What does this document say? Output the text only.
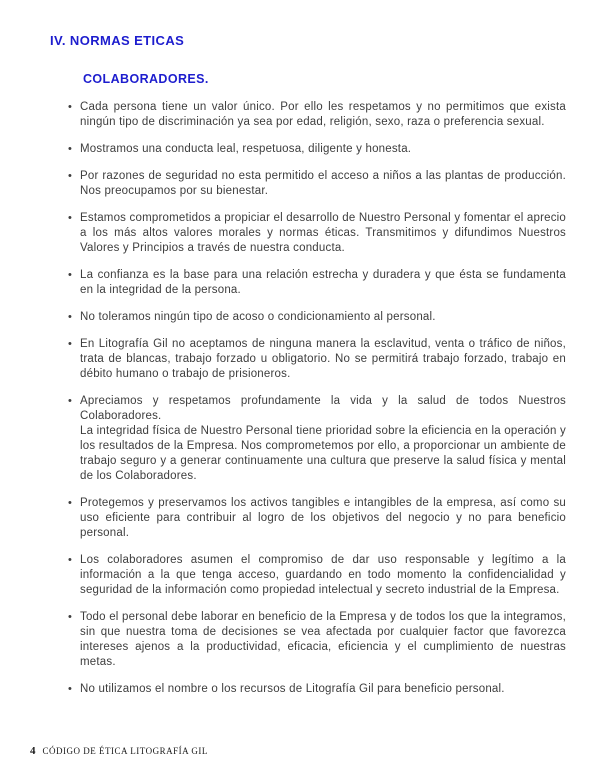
IV. NORMAS ETICAS
COLABORADORES.
• Cada persona tiene un valor único. Por ello les respetamos y no permitimos que exista ningún tipo de discriminación ya sea por edad, religión, sexo, raza o preferencia sexual.

• Mostramos una conducta leal, respetuosa, diligente y honesta.

• Por razones de seguridad no esta permitido el acceso a niños a las plantas de producción. Nos preocupamos por su bienestar.

• Estamos comprometidos a propiciar el desarrollo de Nuestro Personal y fomentar el aprecio a los más altos valores morales y normas éticas. Transmitimos y difundimos Nuestros Valores y Principios a través de nuestra conducta.

• La confianza es la base para una relación estrecha y duradera y que ésta se fundamenta en la integridad de la persona.

• No toleramos ningún tipo de acoso o condicionamiento al personal.

• En Litografía Gil no aceptamos de ninguna manera la esclavitud, venta o tráfico de niños, trata de blancas, trabajo forzado u obligatorio. No se permitirá trabajo forzado, trabajo en débito humano o trabajo de prisioneros.

• Apreciamos y respetamos profundamente la vida y la salud de todos Nuestros Colaboradores.

La integridad física de Nuestro Personal tiene prioridad sobre la eficiencia en la operación y los resultados de la Empresa. Nos comprometemos por ello, a proporcionar un ambiente de trabajo seguro y a generar continuamente una cultura que preserve la salud física y mental de los Colaboradores.

• Protegemos y preservamos los activos tangibles e intangibles de la empresa, así como su uso eficiente para contribuir al logro de los objetivos del negocio y no para beneficio personal.

• Los colaboradores asumen el compromiso de dar uso responsable y legítimo a la información a la que tenga acceso, guardando en todo momento la confidencialidad y seguridad de la información como propiedad intelectual y secreto industrial de la Empresa.

• Todo el personal debe laborar en beneficio de la Empresa y de todos los que la integramos, sin que nuestra toma de decisiones se vea afectada por cualquier factor que favorezca intereses ajenos a la productividad, eficacia, eficiencia y el cumplimiento de nuestras metas.

• No utilizamos el nombre o los recursos de Litografía Gil para beneficio personal.

4 CÓDIGO DE ÉTICA LITOGRAFÍA GIL
